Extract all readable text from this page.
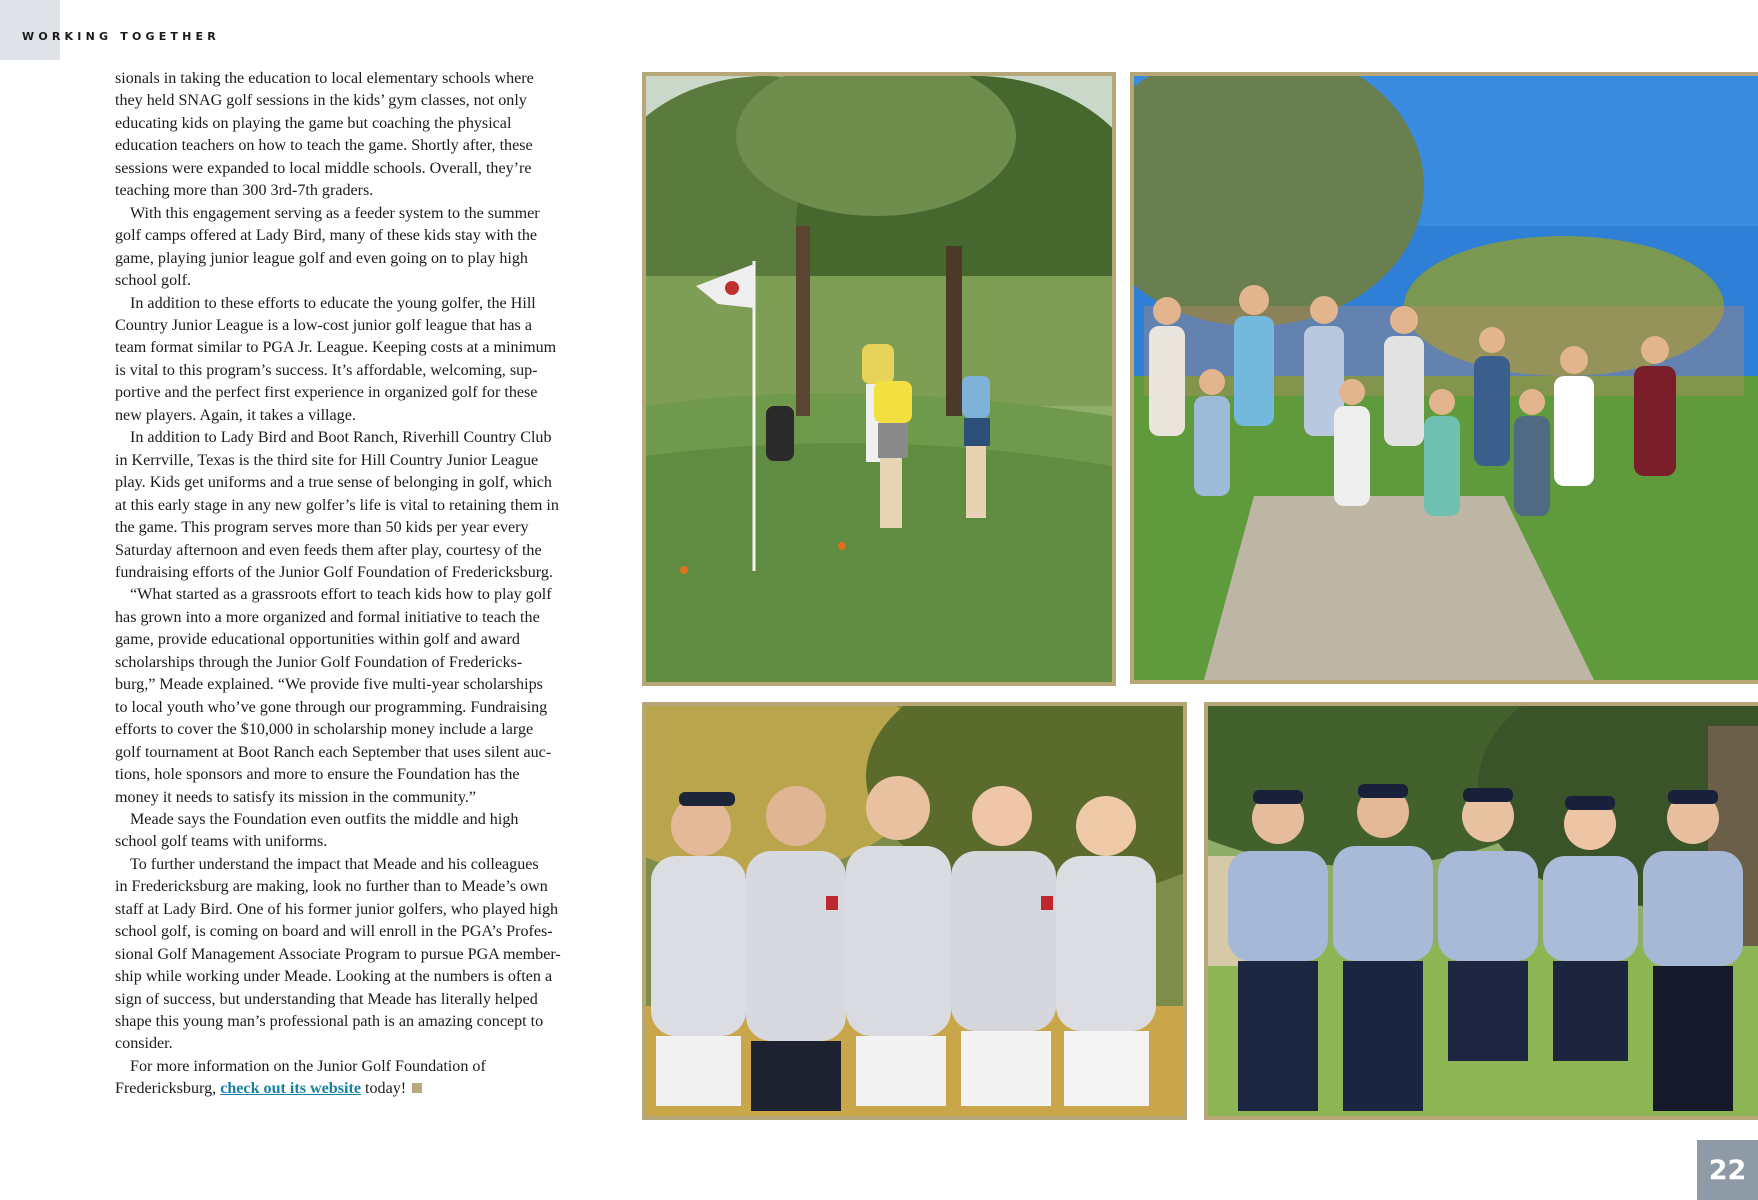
WORKING TOGETHER
sionals in taking the education to local elementary schools where
they held SNAG golf sessions in the kids’ gym classes, not only
educating kids on playing the game but coaching the physical
education teachers on how to teach the game. Shortly after, these
sessions were expanded to local middle schools. Overall, they’re
teaching more than 300 3rd-7th graders.
With this engagement serving as a feeder system to the summer
golf camps offered at Lady Bird, many of these kids stay with the
game, playing junior league golf and even going on to play high
school golf.
In addition to these efforts to educate the young golfer, the Hill
Country Junior League is a low-cost junior golf league that has a
team format similar to PGA Jr. League. Keeping costs at a minimum
is vital to this program’s success. It’s affordable, welcoming, sup-
portive and the perfect first experience in organized golf for these
new players. Again, it takes a village.
In addition to Lady Bird and Boot Ranch, Riverhill Country Club
in Kerrville, Texas is the third site for Hill Country Junior League
play. Kids get uniforms and a true sense of belonging in golf, which
at this early stage in any new golfer’s life is vital to retaining them in
the game. This program serves more than 50 kids per year every
Saturday afternoon and even feeds them after play, courtesy of the
fundraising efforts of the Junior Golf Foundation of Fredericksburg.
“What started as a grassroots effort to teach kids how to play golf
has grown into a more organized and formal initiative to teach the
game, provide educational opportunities within golf and award
scholarships through the Junior Golf Foundation of Fredericks-
burg,” Meade explained. “We provide five multi-year scholarships
to local youth who’ve gone through our programming. Fundraising
efforts to cover the $10,000 in scholarship money include a large
golf tournament at Boot Ranch each September that uses silent auc-
tions, hole sponsors and more to ensure the Foundation has the
money it needs to satisfy its mission in the community.”
Meade says the Foundation even outfits the middle and high
school golf teams with uniforms.
To further understand the impact that Meade and his colleagues
in Fredericksburg are making, look no further than to Meade’s own
staff at Lady Bird. One of his former junior golfers, who played high
school golf, is coming on board and will enroll in the PGA’s Profes-
sional Golf Management Associate Program to pursue PGA member-
ship while working under Meade. Looking at the numbers is often a
sign of success, but understanding that Meade has literally helped
shape this young man’s professional path is an amazing concept to
consider.
For more information on the Junior Golf Foundation of
Fredericksburg, check out its website today!
22
